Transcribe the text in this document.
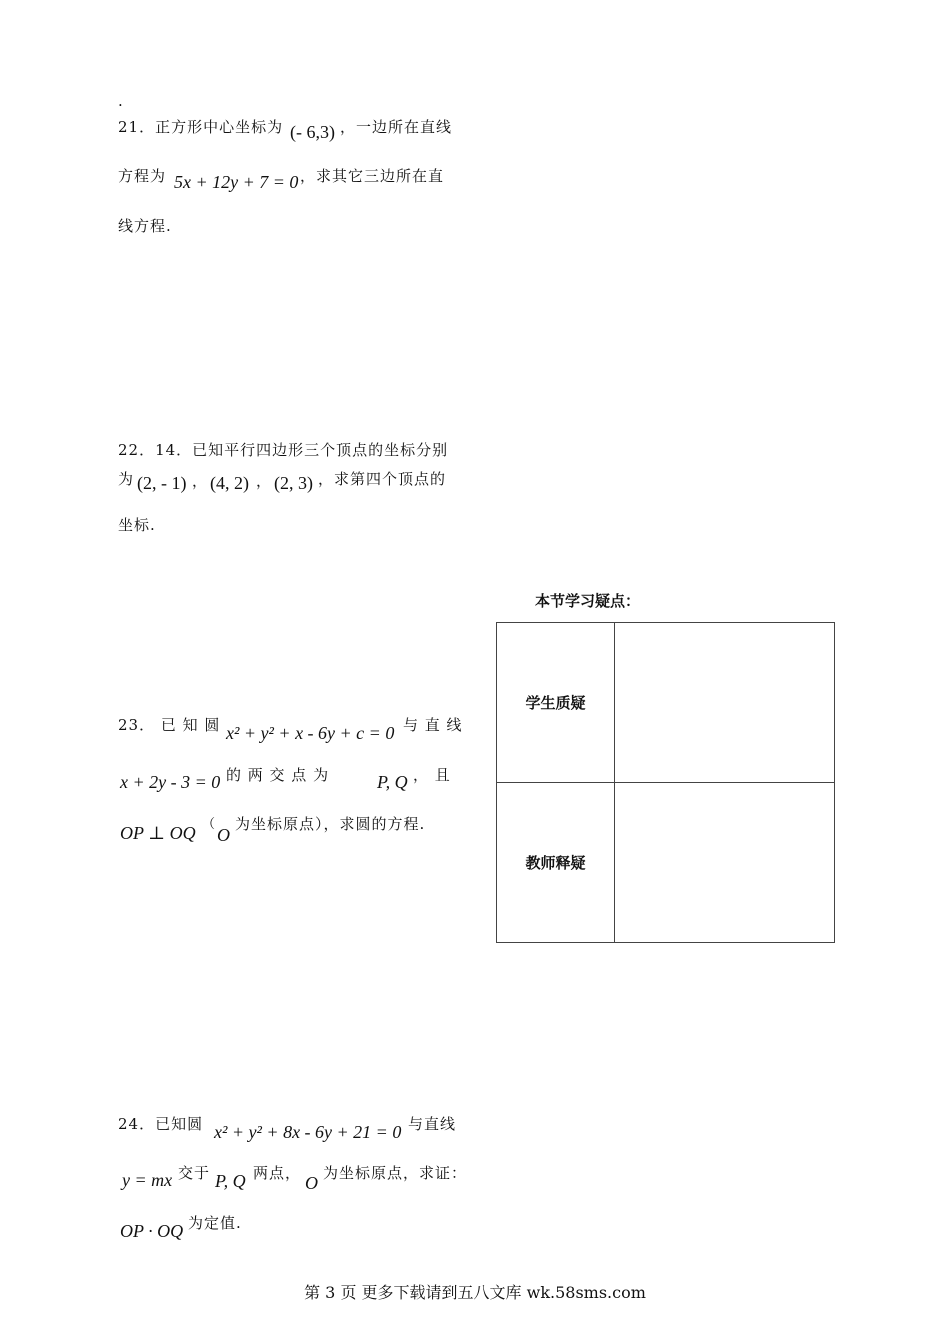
.
21．正方形中心坐标为 (- 6,3) ，一边所在直线
方程为 5x + 12y + 7 = 0 ，求其它三边所在直
线方程.
22．14．已知平行四边形三个顶点的坐标分别
为 (2, - 1) ， (4, 2) ， (2, 3) ，求第四个顶点的
坐标.
23． 已 知 圆 x² + y² + x - 6y + c = 0 与 直 线
x + 2y - 3 = 0 的 两 交 点 为	P, Q ， 且
OP ⊥ OQ （
O
为坐标原点），求圆的方程.
本节学习疑点：
学生质疑	
教师释疑	
24．已知圆 x² + y² + 8x - 6y + 21 = 0 与直线
y = mx 交于 P, Q 两点， O 为坐标原点，求证：
OP · OQ 为定值.
第 3 页 更多下载请到五八文库 wk.58sms.com
